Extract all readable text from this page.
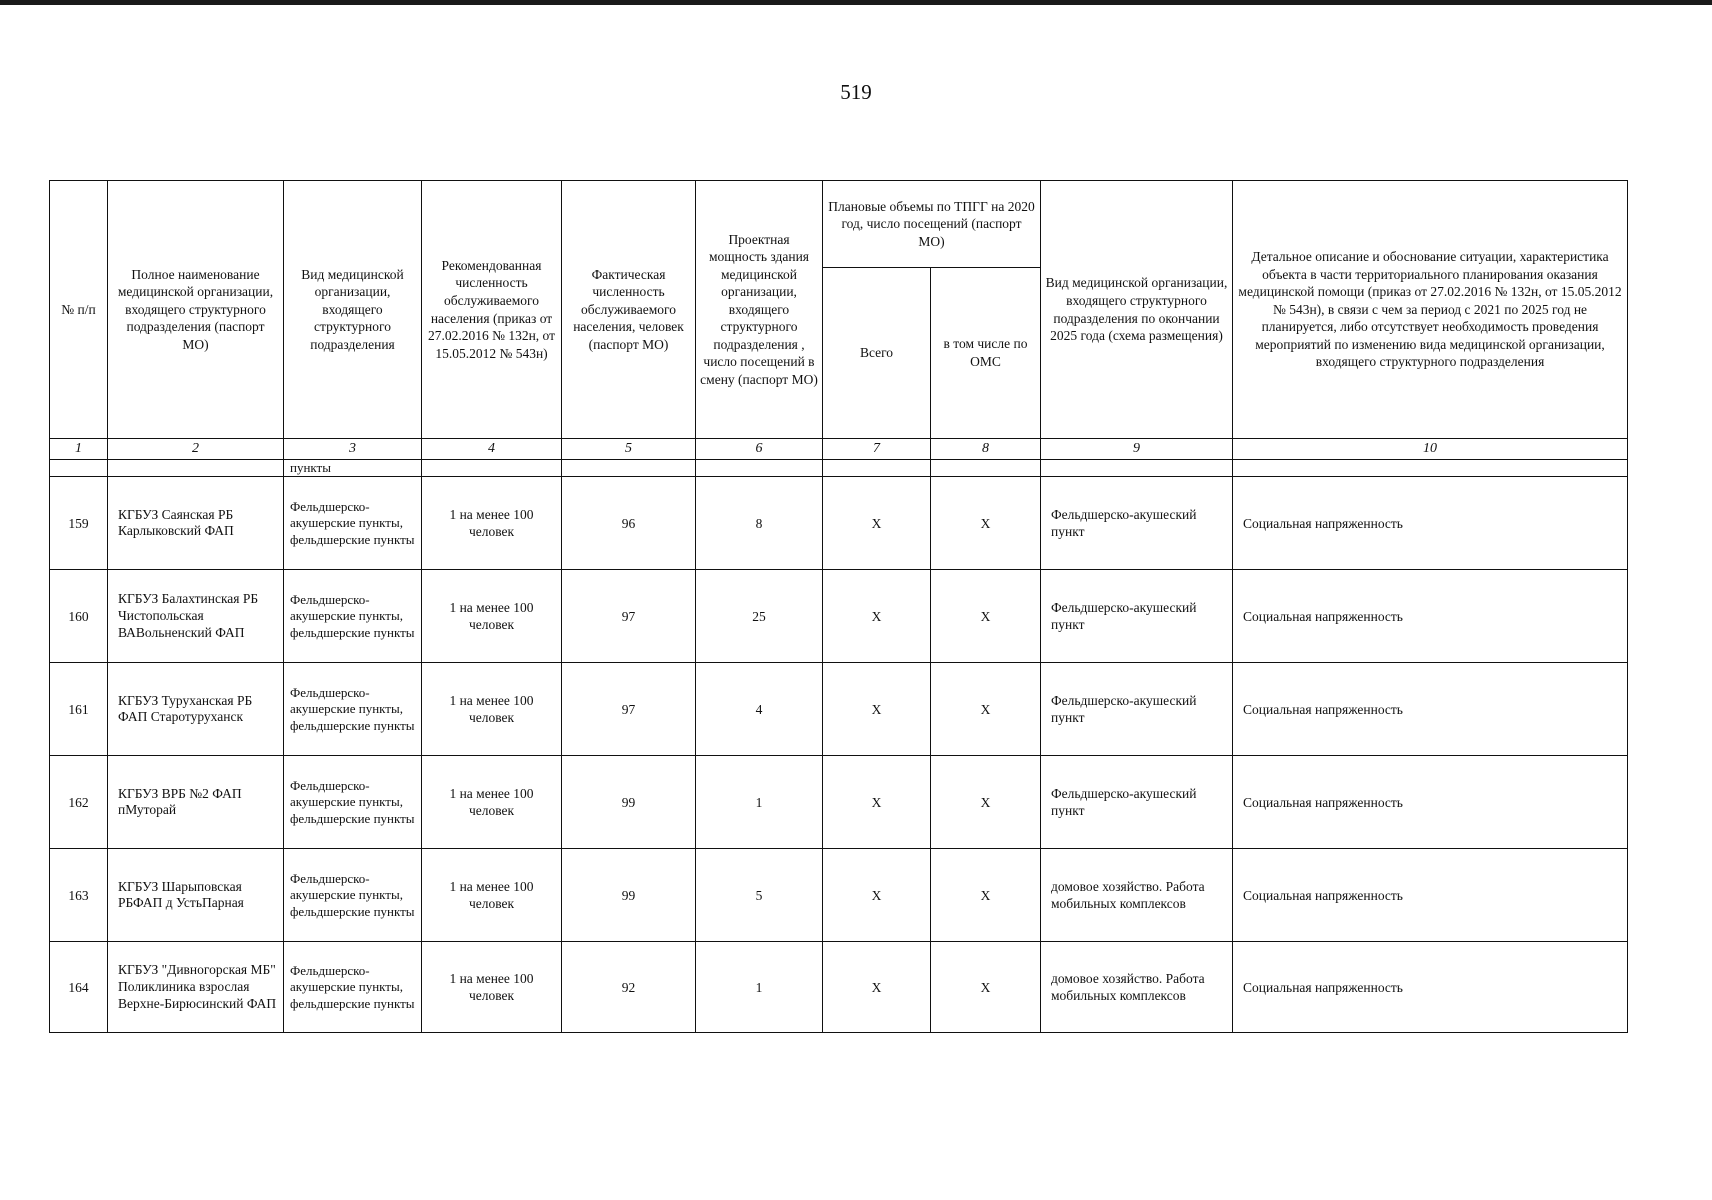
519
№ п/п	Полное наименование медицинской организации, входящего структурного подразделения (паспорт МО)	Вид медицинской организации, входящего структурного подразделения	Рекомендованная численность обслуживаемого населения (приказ от 27.02.2016 № 132н, от 15.05.2012 № 543н)	Фактическая численность обслуживаемого населения, человек (паспорт МО)	Проектная мощность здания медицинской организации, входящего структурного подразделения , число посещений в смену (паспорт МО)	Плановые объемы по ТПГГ на 2020 год, число посещений (паспорт МО)		Вид медицинской организации, входящего структурного подразделения по окончании 2025 года (схема размещения)	Детальное описание и обоснование ситуации, характеристика объекта в части территориального планирования оказания медицинской помощи (приказ от 27.02.2016 № 132н, от 15.05.2012 № 543н), в связи с чем за период с 2021 по 2025 год не планируется, либо отсутствует необходимость проведения мероприятий по изменению вида медицинской организации, входящего структурного подразделения
						Всего	в том числе по ОМС		
1	2	3	4	5	6	7	8	9	10
		пункты							
159	КГБУЗ Саянская РБ Карлыковский ФАП	Фельдшерско-акушерские пункты, фельдшерские пункты	1 на менее 100 человек	96	8	X	X	Фельдшерско-акушеский пункт	Социальная напряженность
160	КГБУЗ Балахтинская РБ Чистопольская ВАВольненский ФАП	Фельдшерско-акушерские пункты, фельдшерские пункты	1 на менее 100 человек	97	25	X	X	Фельдшерско-акушеский пункт	Социальная напряженность
161	КГБУЗ Туруханская РБ ФАП Старотуруханск	Фельдшерско-акушерские пункты, фельдшерские пункты	1 на менее 100 человек	97	4	X	X	Фельдшерско-акушеский пункт	Социальная напряженность
162	КГБУЗ ВРБ №2 ФАП пМуторай	Фельдшерско-акушерские пункты, фельдшерские пункты	1 на менее 100 человек	99	1	X	X	Фельдшерско-акушеский пункт	Социальная напряженность
163	КГБУЗ Шарыповская РБФАП д УстьПарная	Фельдшерско-акушерские пункты, фельдшерские пункты	1 на менее 100 человек	99	5	X	X	домовое хозяйство. Работа мобильных комплексов	Социальная напряженность
164	КГБУЗ "Дивногорская МБ" Поликлиника взрослая Верхне-Бирюсинский ФАП	Фельдшерско-акушерские пункты, фельдшерские пункты	1 на менее 100 человек	92	1	X	X	домовое хозяйство. Работа мобильных комплексов	Социальная напряженность
